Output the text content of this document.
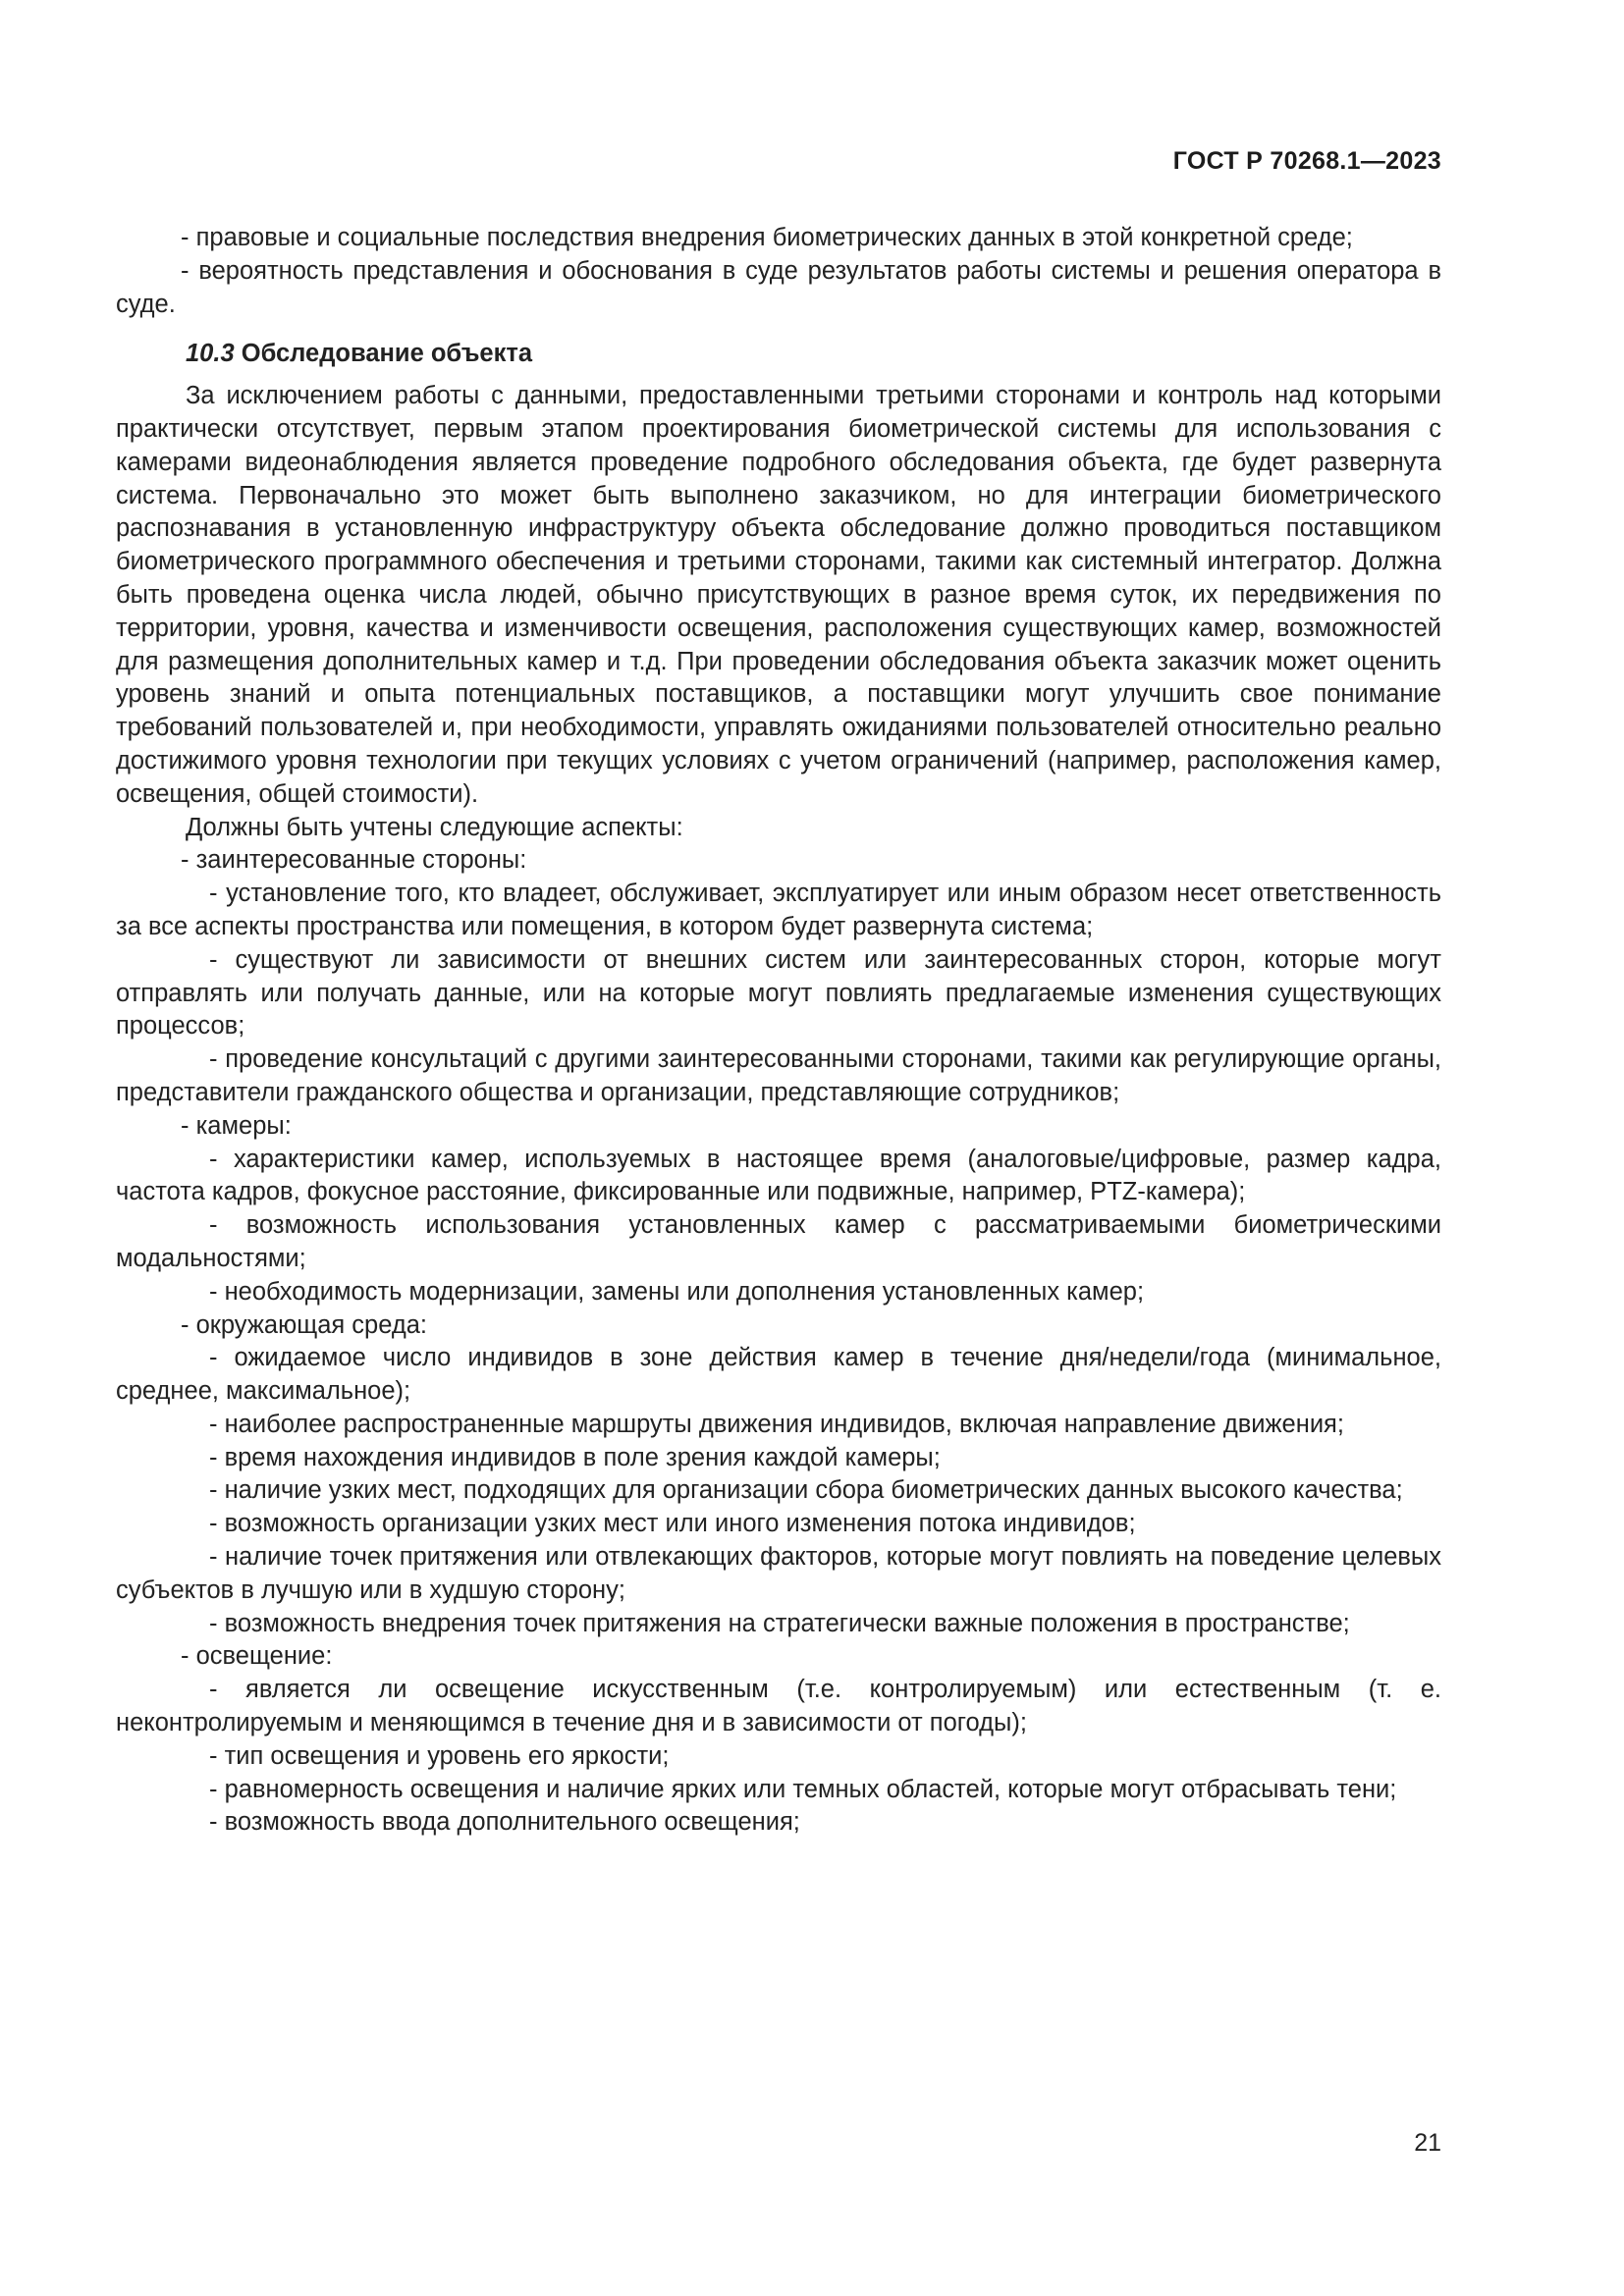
ГОСТ Р 70268.1—2023

- правовые и социальные последствия внедрения биометрических данных в этой конкретной среде;

- вероятность представления и обоснования в суде результатов работы системы и решения оператора в суде.

10.3 Обследование объекта

За исключением работы с данными, предоставленными третьими сторонами и контроль над которыми практически отсутствует, первым этапом проектирования биометрической системы для использования с камерами видеонаблюдения является проведение подробного обследования объекта, где будет развернута система. Первоначально это может быть выполнено заказчиком, но для интеграции биометрического распознавания в установленную инфраструктуру объекта обследование должно проводиться поставщиком биометрического программного обеспечения и третьими сторонами, такими как системный интегратор. Должна быть проведена оценка числа людей, обычно присутствующих в разное время суток, их передвижения по территории, уровня, качества и изменчивости освещения, расположения существующих камер, возможностей для размещения дополнительных камер и т.д. При проведении обследования объекта заказчик может оценить уровень знаний и опыта потенциальных поставщиков, а поставщики могут улучшить свое понимание требований пользователей и, при необходимости, управлять ожиданиями пользователей относительно реально достижимого уровня технологии при текущих условиях с учетом ограничений (например, расположения камер, освещения, общей стоимости).

Должны быть учтены следующие аспекты:

- заинтересованные стороны:

- установление того, кто владеет, обслуживает, эксплуатирует или иным образом несет ответственность за все аспекты пространства или помещения, в котором будет развернута система;

- существуют ли зависимости от внешних систем или заинтересованных сторон, которые могут отправлять или получать данные, или на которые могут повлиять предлагаемые изменения существующих процессов;

- проведение консультаций с другими заинтересованными сторонами, такими как регулирующие органы, представители гражданского общества и организации, представляющие сотрудников;

- камеры:

- характеристики камер, используемых в настоящее время (аналоговые/цифровые, размер кадра, частота кадров, фокусное расстояние, фиксированные или подвижные, например, PTZ-камера);

- возможность использования установленных камер с рассматриваемыми биометрическими модальностями;

- необходимость модернизации, замены или дополнения установленных камер;

- окружающая среда:

- ожидаемое число индивидов в зоне действия камер в течение дня/недели/года (минимальное, среднее, максимальное);

- наиболее распространенные маршруты движения индивидов, включая направление движения;

- время нахождения индивидов в поле зрения каждой камеры;

- наличие узких мест, подходящих для организации сбора биометрических данных высокого качества;

- возможность организации узких мест или иного изменения потока индивидов;

- наличие точек притяжения или отвлекающих факторов, которые могут повлиять на поведение целевых субъектов в лучшую или в худшую сторону;

- возможность внедрения точек притяжения на стратегически важные положения в пространстве;

- освещение:

- является ли освещение искусственным (т.е. контролируемым) или естественным (т. е. неконтролируемым и меняющимся в течение дня и в зависимости от погоды);

- тип освещения и уровень его яркости;

- равномерность освещения и наличие ярких или темных областей, которые могут отбрасывать тени;

- возможность ввода дополнительного освещения;

21
